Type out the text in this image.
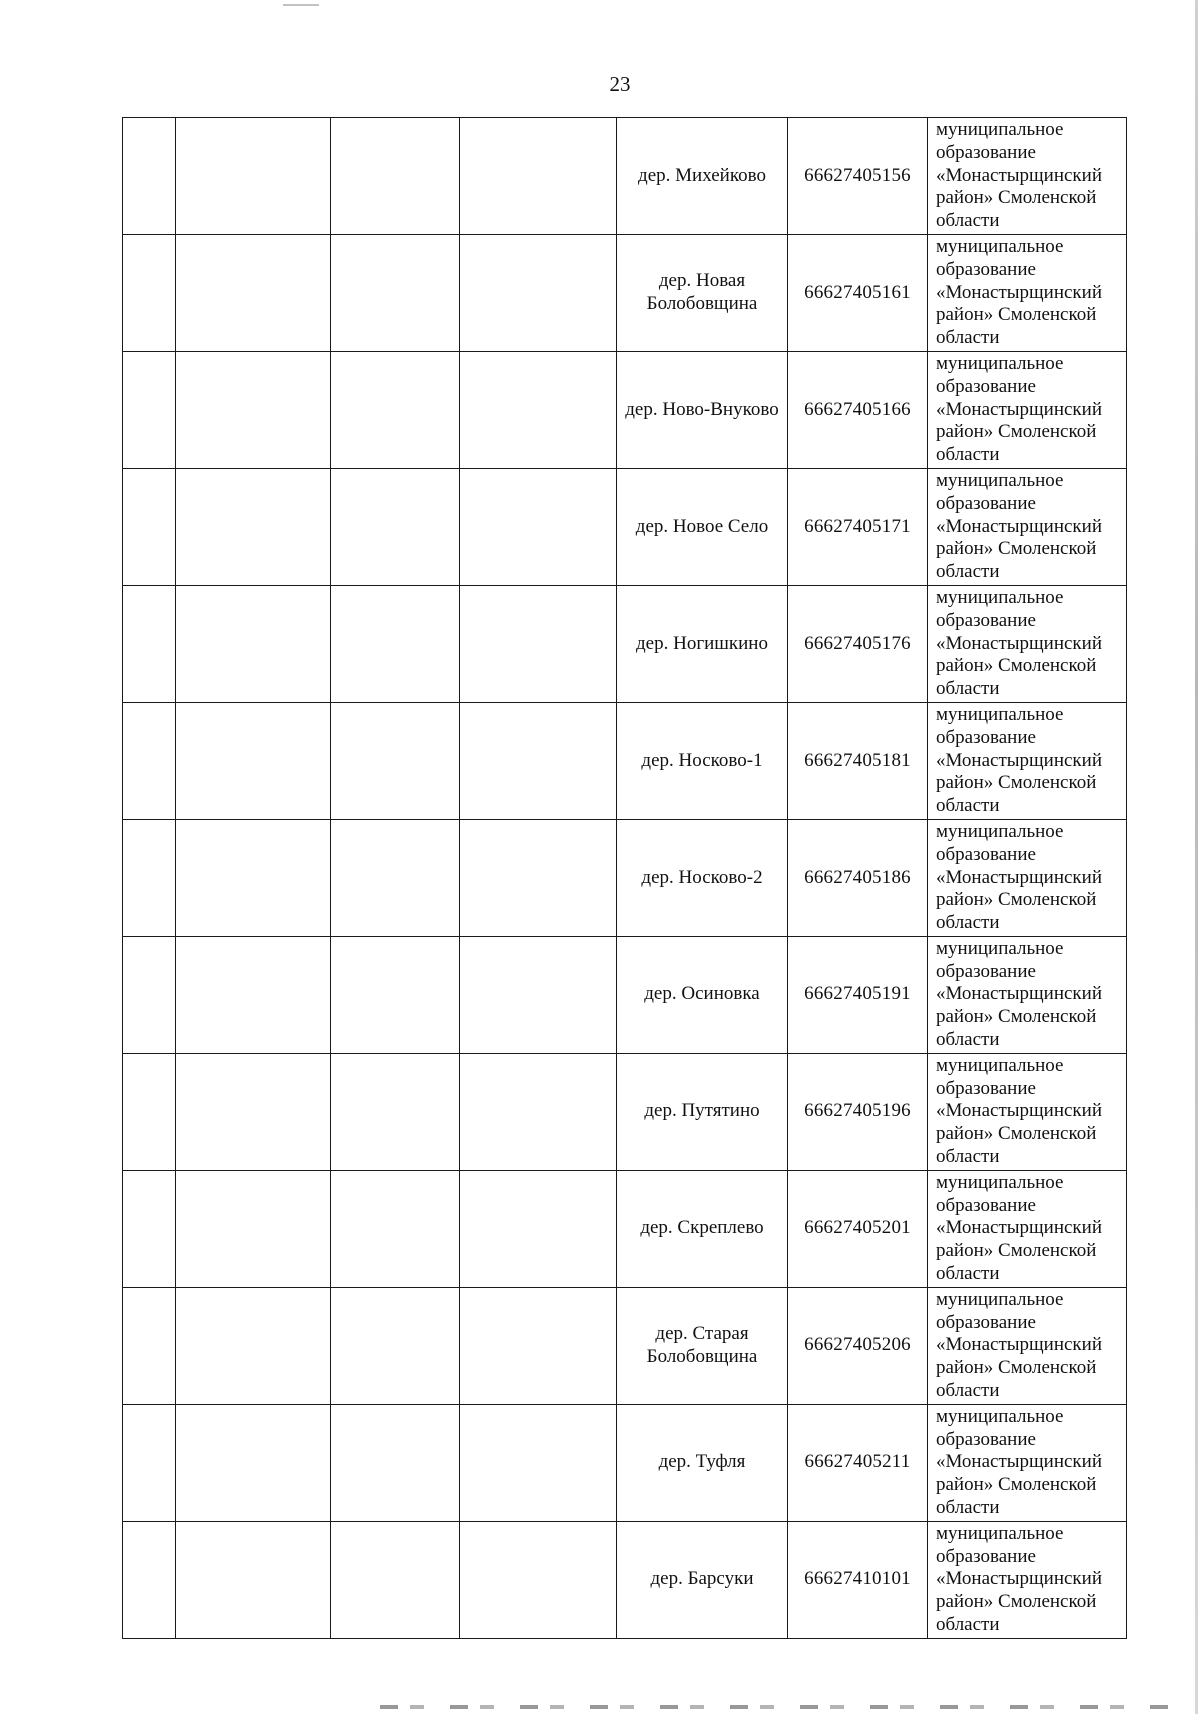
23
				дер. Михейково	66627405156	муниципальное
образование
«Монастырщинский
район» Смоленской
области
				дер. Новая Болобовщина	66627405161	муниципальное
образование
«Монастырщинский
район» Смоленской
области
				дер. Ново-Внуково	66627405166	муниципальное
образование
«Монастырщинский
район» Смоленской
области
				дер. Новое Село	66627405171	муниципальное
образование
«Монастырщинский
район» Смоленской
области
				дер. Ногишкино	66627405176	муниципальное
образование
«Монастырщинский
район» Смоленской
области
				дер. Носково-1	66627405181	муниципальное
образование
«Монастырщинский
район» Смоленской
области
				дер. Носково-2	66627405186	муниципальное
образование
«Монастырщинский
район» Смоленской
области
				дер. Осиновка	66627405191	муниципальное
образование
«Монастырщинский
район» Смоленской
области
				дер. Путятино	66627405196	муниципальное
образование
«Монастырщинский
район» Смоленской
области
				дер. Скреплево	66627405201	муниципальное
образование
«Монастырщинский
район» Смоленской
области
				дер. Старая Болобовщина	66627405206	муниципальное
образование
«Монастырщинский
район» Смоленской
области
				дер. Туфля	66627405211	муниципальное
образование
«Монастырщинский
район» Смоленской
области
				дер. Барсуки	66627410101	муниципальное
образование
«Монастырщинский
район» Смоленской
области
